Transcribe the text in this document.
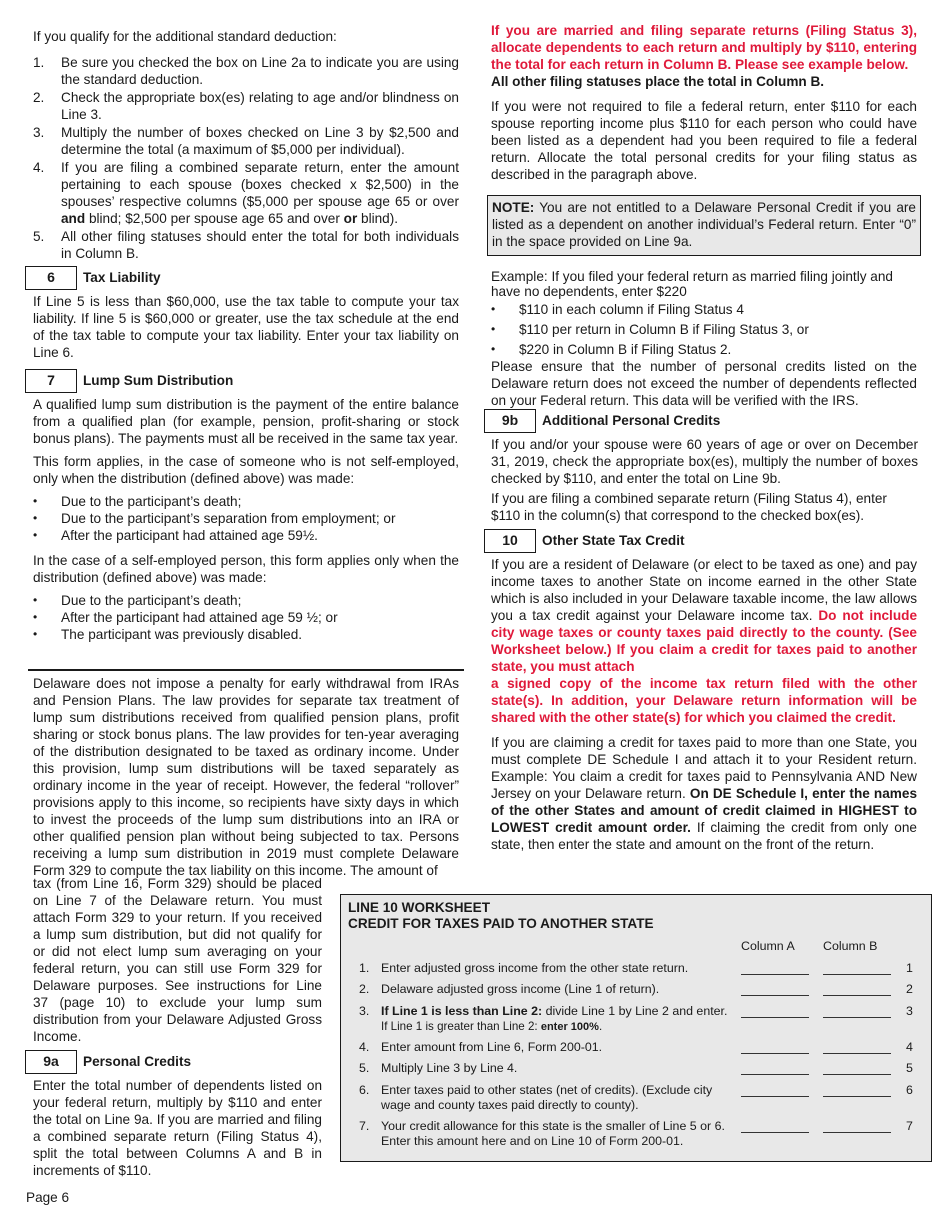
If you qualify for the additional standard deduction:

1.	Be sure you checked the box on Line 2a to indicate you are using the standard deduction.
2.	Check the appropriate box(es) relating to age and/or blindness on Line 3.
3.	Multiply the number of boxes checked on Line 3 by $2,500 and determine the total (a maximum of $5,000 per individual).
4.	If you are filing a combined separate return, enter the amount pertaining to each spouse (boxes checked x $2,500) in the spouses’ respective columns ($5,000 per spouse age 65 or over and blind; $2,500 per spouse age 65 and over or blind).
5.	All other filing statuses should enter the total for both individuals in Column B.
6	Tax Liability

If Line 5 is less than $60,000, use the tax table to compute your tax liability. If line 5 is $60,000 or greater, use the tax schedule at the end of the tax table to compute your tax liability. Enter your tax liability on Line 6.

7	Lump Sum Distribution

A qualified lump sum distribution is the payment of the entire balance from a qualified plan (for example, pension, profit-sharing or stock bonus plans). The payments must all be received in the same tax year.

This form applies, in the case of someone who is not self-employed, only when the distribution (defined above) was made:

•	Due to the participant’s death;
•	Due to the participant’s separation from employment; or
•	After the participant had attained age 59½.

In the case of a self-employed person, this form applies only when the distribution (defined above) was made:

•	Due to the participant’s death;
•	After the participant had attained age 59 ½; or
•	The participant was previously disabled.

Delaware does not impose a penalty for early withdrawal from IRAs and Pension Plans. The law provides for separate tax treatment of lump sum distributions received from qualified pension plans, profit sharing or stock bonus plans. The law provides for ten-year averaging of the distribution designated to be taxed as ordinary income. Under this provision, lump sum distributions will be taxed separately as ordinary income in the year of receipt. However, the federal “rollover” provisions apply to this income, so recipients have sixty days in which to invest the proceeds of the lump sum distributions into an IRA or other qualified pension plan without being subjected to tax. Persons receiving a lump sum distribution in 2019 must complete Delaware Form 329 to compute the tax liability on this income. The amount of

tax (from Line 16, Form 329) should be placed on Line 7 of the Delaware return. You must attach Form 329 to your return. If you received a lump sum distribution, but did not qualify for or did not elect lump sum averaging on your federal return, you can still use Form 329 for Delaware purposes. See instructions for Line 37 (page 10) to exclude your lump sum distribution from your Delaware Adjusted Gross Income.

9a	Personal Credits

Enter the total number of dependents listed on your federal return, multiply by $110 and enter the total on Line 9a. If you are married and filing a combined separate return (Filing Status 4), split the total between Columns A and B in increments of $110.

Page 6

If you are married and filing separate returns (Filing Status 3), allocate dependents to each return and multiply by $110, entering the total for each return in Column B. Please see example below.

All other filing statuses place the total in Column B.

If you were not required to file a federal return, enter $110 for each spouse reporting income plus $110 for each person who could have been listed as a dependent had you been required to file a federal return. Allocate the total personal credits for your filing status as described in the paragraph above.

NOTE: You are not entitled to a Delaware Personal Credit if you are listed as a dependent on another individual’s Federal return. Enter “0” in the space provided on Line 9a.

Example: If you filed your federal return as married filing jointly and have no dependents, enter $220

•	$110 in each column if Filing Status 4
•	$110 per return in Column B if Filing Status 3, or
•	$220 in Column B if Filing Status 2.

Please ensure that the number of personal credits listed on the Delaware return does not exceed the number of dependents reflected on your Federal return. This data will be verified with the IRS.

9b	Additional Personal Credits

If you and/or your spouse were 60 years of age or over on December 31, 2019, check the appropriate box(es), multiply the number of boxes checked by $110, and enter the total on Line 9b.

If you are filing a combined separate return (Filing Status 4), enter $110 in the column(s) that correspond to the checked box(es).

10	Other State Tax Credit

If you are a resident of Delaware (or elect to be taxed as one) and pay income taxes to another State on income earned in the other State which is also included in your Delaware taxable income, the law allows you a tax credit against your Delaware income tax. Do not include city wage taxes or county taxes paid directly to the county. (See Worksheet below.) If you claim a credit for taxes paid to another state, you must attach

a signed copy of the income tax return filed with the other state(s). In addition, your Delaware return information will be shared with the other state(s) for which you claimed the credit.

If you are claiming a credit for taxes paid to more than one State, you must complete DE Schedule I and attach it to your Resident return. Example: You claim a credit for taxes paid to Pennsylvania AND New Jersey on your Delaware return. On DE Schedule I, enter the names of the other States and amount of credit claimed in HIGHEST to LOWEST credit amount order. If claiming the credit from only one state, then enter the state and amount on the front of the return.

LINE 10 WORKSHEET
CREDIT FOR TAXES PAID TO ANOTHER STATE
Column A Column B
1. Enter adjusted gross income from the other state return.	1
2. Delaware adjusted gross income (Line 1 of return).	2
3. If Line 1 is less than Line 2: divide Line 1 by Line 2 and enter.
If Line 1 is greater than Line 2: enter 100%.
3
4. Enter amount from Line 6, Form 200-01.	4
5. Multiply Line 3 by Line 4.	5
6. Enter taxes paid to other states (net of credits). (Exclude city wage and county taxes paid directly to county).
6
7. Your credit allowance for this state is the smaller of Line 5 or 6. Enter this amount here and on Line 10 of Form 200-01.
7
